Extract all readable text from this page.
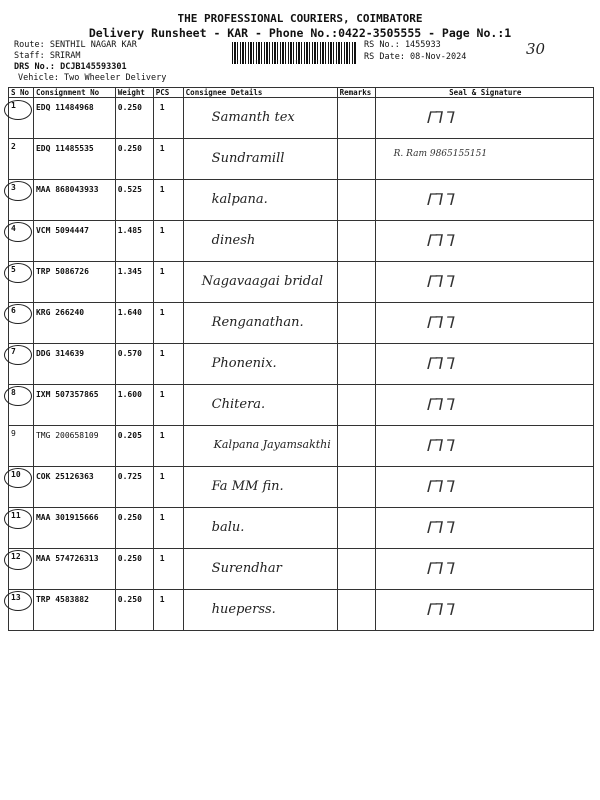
THE PROFESSIONAL COURIERS, COIMBATORE
Delivery Runsheet - KAR - Phone No.:0422-3505555 - Page No.:1
Route: SENTHIL NAGAR KAR
Staff: SRIRAM
DRS No.: DCJB145593301
Vehicle: Two Wheeler Delivery
RS No.: 1455933
RS Date: 08-Nov-2024	30
S No	Consignment No	Weight	PCS	Consignee Details	Remarks	Seal & Signature

1	EDQ 11484968	0.250	1	Samanth tex		ᒥ⅂ᒣ

2	EDQ 11485535	0.250	1	Sundramill		R. Ram 9865155151

3	MAA 868043933	0.525	1	kalpana.		ᒥ⅂ᒣ

4	VCM 5094447	1.485	1	dinesh		ᒥ⅂ᒣ

5	TRP 5086726	1.345	1	Nagavaagai bridal		ᒥ⅂ᒣ

6	KRG 266240	1.640	1	Renganathan.		ᒥ⅂ᒣ

7	DDG 314639	0.570	1	Phonenix.		ᒥ⅂ᒣ

8	IXM 507357865	1.600	1	Chitera.		ᒥ⅂ᒣ

9	TMG 200658109	0.205	1	Kalpana Jayamsakthi		ᒥ⅂ᒣ

10	COK 25126363	0.725	1	Fa MM fin.		ᒥ⅂ᒣ

11	MAA 301915666	0.250	1	balu.		ᒥ⅂ᒣ

12	MAA 574726313	0.250	1	Surendhar		ᒥ⅂ᒣ

13	TRP 4583882	0.250	1	hueperss.		ᒥ⅂ᒣ
